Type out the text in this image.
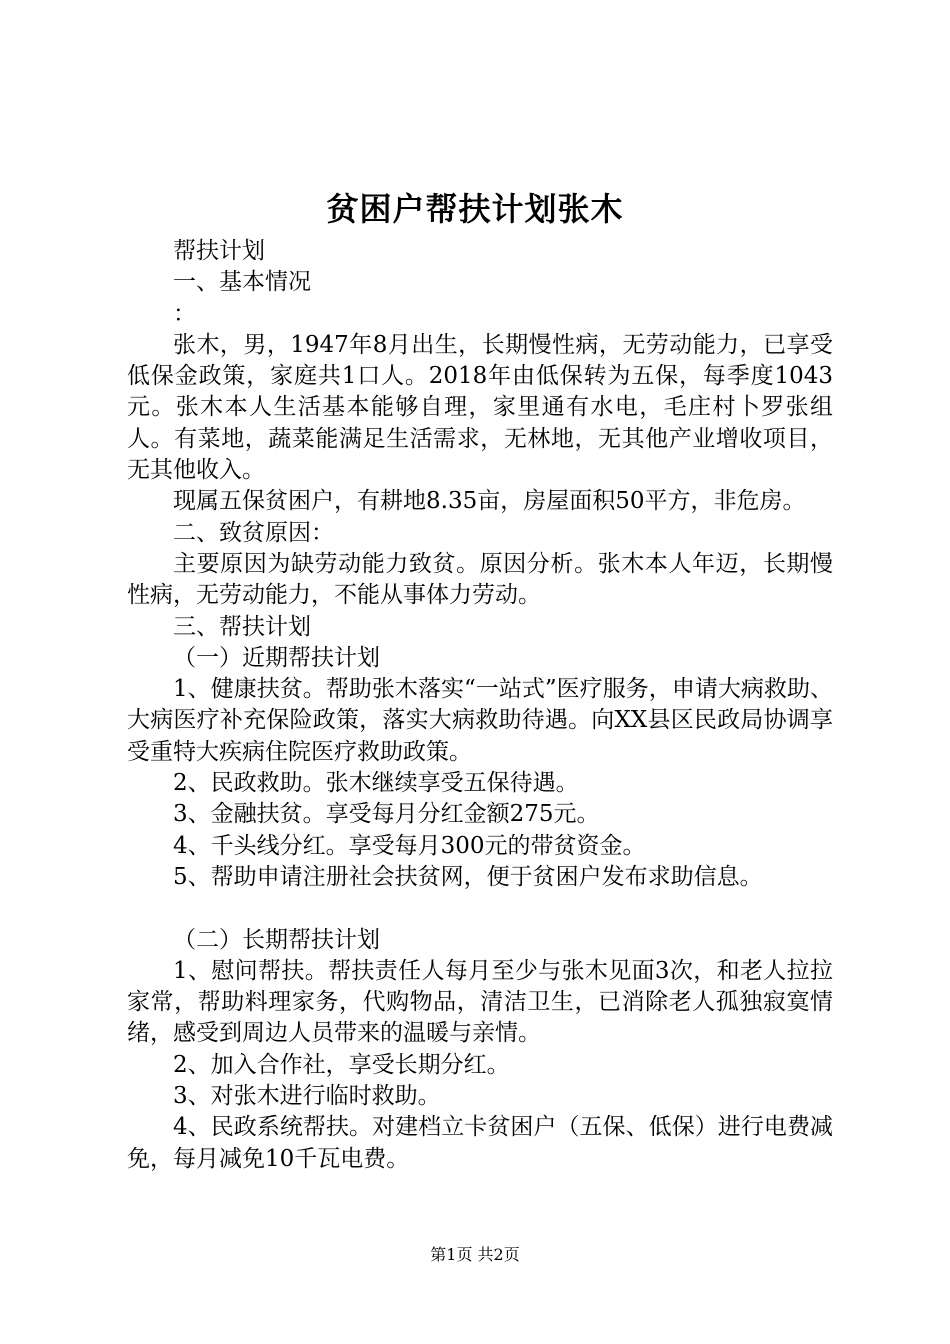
贫困户帮扶计划张木

帮扶计划

一、基本情况

：

张木，男，1947年8月出生，长期慢性病，无劳动能力，已享受低保金政策，家庭共1口人。2018年由低保转为五保，每季度1043元。张木本人生活基本能够自理，家里通有水电，毛庄村卜罗张组人。有菜地，蔬菜能满足生活需求，无林地，无其他产业增收项目，无其他收入。

现属五保贫困户，有耕地8.35亩，房屋面积50平方，非危房。

二、致贫原因：

主要原因为缺劳动能力致贫。原因分析。张木本人年迈，长期慢性病，无劳动能力，不能从事体力劳动。

三、帮扶计划

（一）近期帮扶计划

1、健康扶贫。帮助张木落实“一站式”医疗服务，申请大病救助、大病医疗补充保险政策，落实大病救助待遇。向XX县区民政局协调享受重特大疾病住院医疗救助政策。

2、民政救助。张木继续享受五保待遇。

3、金融扶贫。享受每月分红金额275元。

4、千头线分红。享受每月300元的带贫资金。

5、帮助申请注册社会扶贫网，便于贫困户发布求助信息。

（二）长期帮扶计划

1、慰问帮扶。帮扶责任人每月至少与张木见面3次，和老人拉拉家常，帮助料理家务，代购物品，清洁卫生，已消除老人孤独寂寞情绪，感受到周边人员带来的温暖与亲情。

2、加入合作社，享受长期分红。

3、对张木进行临时救助。

4、民政系统帮扶。对建档立卡贫困户（五保、低保）进行电费减免，每月减免10千瓦电费。

第1页 共2页
